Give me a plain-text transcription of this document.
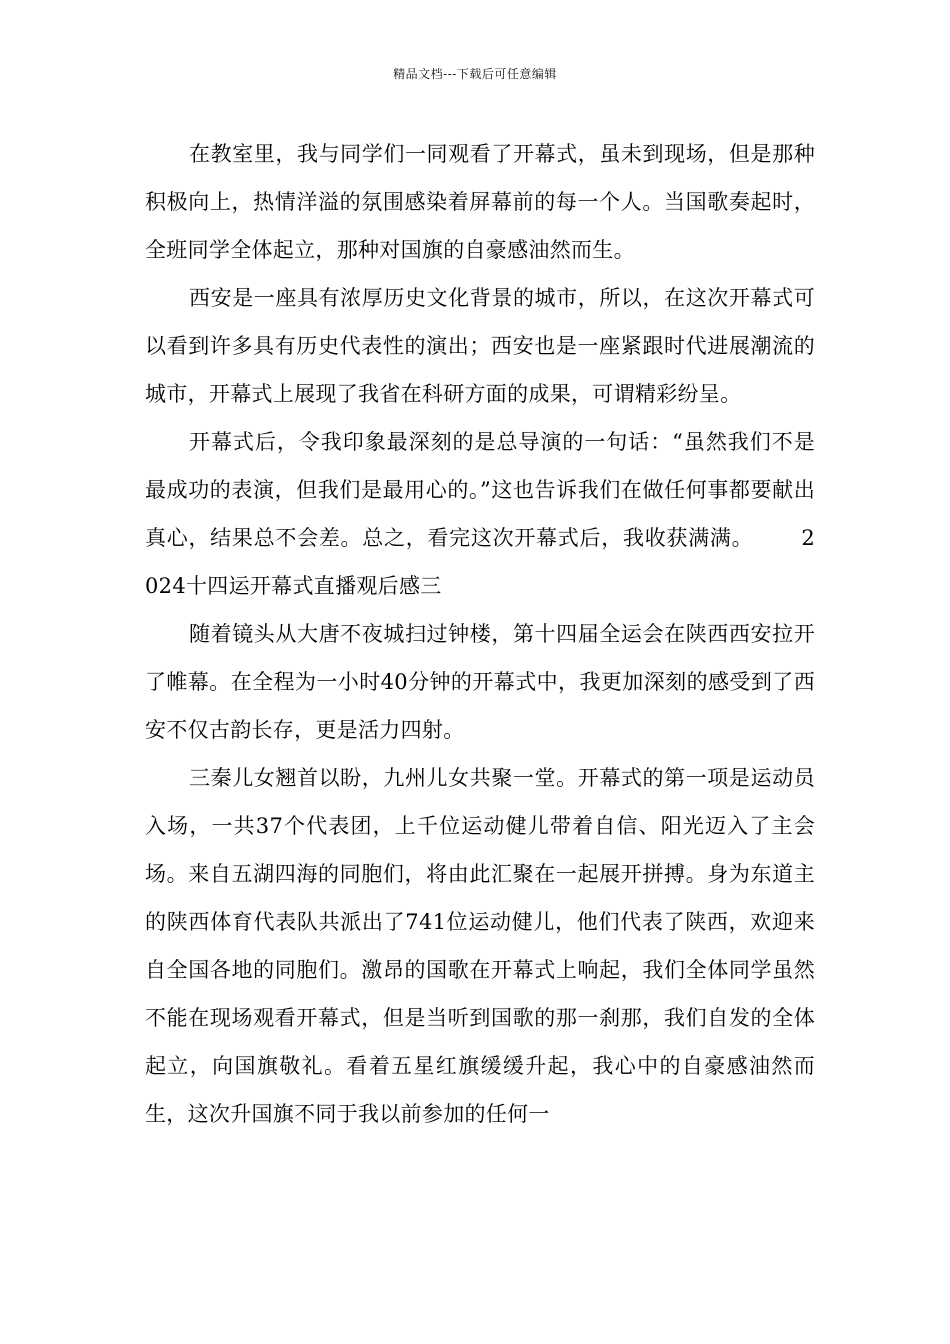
精品文档---下载后可任意编辑

在教室里，我与同学们一同观看了开幕式，虽未到现场，但是那种积极向上，热情洋溢的氛围感染着屏幕前的每一个人。当国歌奏起时，全班同学全体起立，那种对国旗的自豪感油然而生。

西安是一座具有浓厚历史文化背景的城市，所以，在这次开幕式可以看到许多具有历史代表性的演出；西安也是一座紧跟时代进展潮流的城市，开幕式上展现了我省在科研方面的成果，可谓精彩纷呈。

开幕式后，令我印象最深刻的是总导演的一句话：“虽然我们不是最成功的表演，但我们是最用心的。”这也告诉我们在做任何事都要献出真心，结果总不会差。总之，看完这次开幕式后，我收获满满。 2024十四运开幕式直播观后感三

随着镜头从大唐不夜城扫过钟楼，第十四届全运会在陕西西安拉开了帷幕。在全程为一小时40分钟的开幕式中，我更加深刻的感受到了西安不仅古韵长存，更是活力四射。

三秦儿女翘首以盼，九州儿女共聚一堂。开幕式的第一项是运动员入场，一共37个代表团，上千位运动健儿带着自信、阳光迈入了主会场。来自五湖四海的同胞们，将由此汇聚在一起展开拼搏。身为东道主的陕西体育代表队共派出了741位运动健儿，他们代表了陕西，欢迎来自全国各地的同胞们。激昂的国歌在开幕式上响起，我们全体同学虽然不能在现场观看开幕式，但是当听到国歌的那一刹那，我们自发的全体起立，向国旗敬礼。看着五星红旗缓缓升起，我心中的自豪感油然而生，这次升国旗不同于我以前参加的任何一
